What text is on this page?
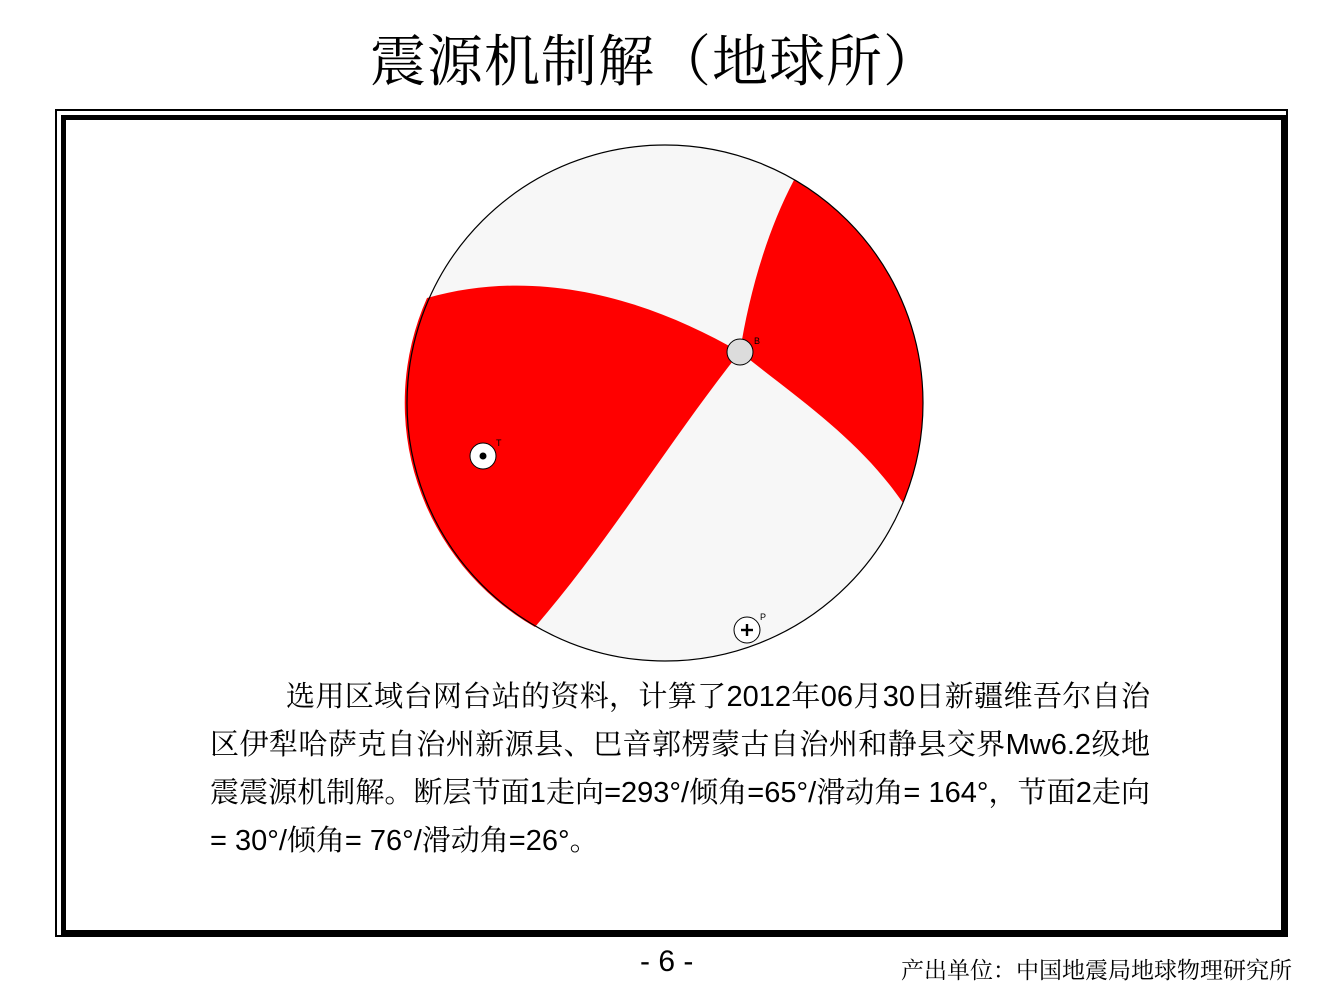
震源机制解（地球所）
B
T
P
选用区域台网台站的资料，计算了2012年06月30日新疆维吾尔自治区伊犁哈萨克自治州新源县、巴音郭楞蒙古自治州和静县交界Mw6.2级地震震源机制解。断层节面1走向=293°/倾角=65°/滑动角= 164°，节面2走向= 30°/倾角= 76°/滑动角=26°。
- 6 -	产出单位：中国地震局地球物理研究所
